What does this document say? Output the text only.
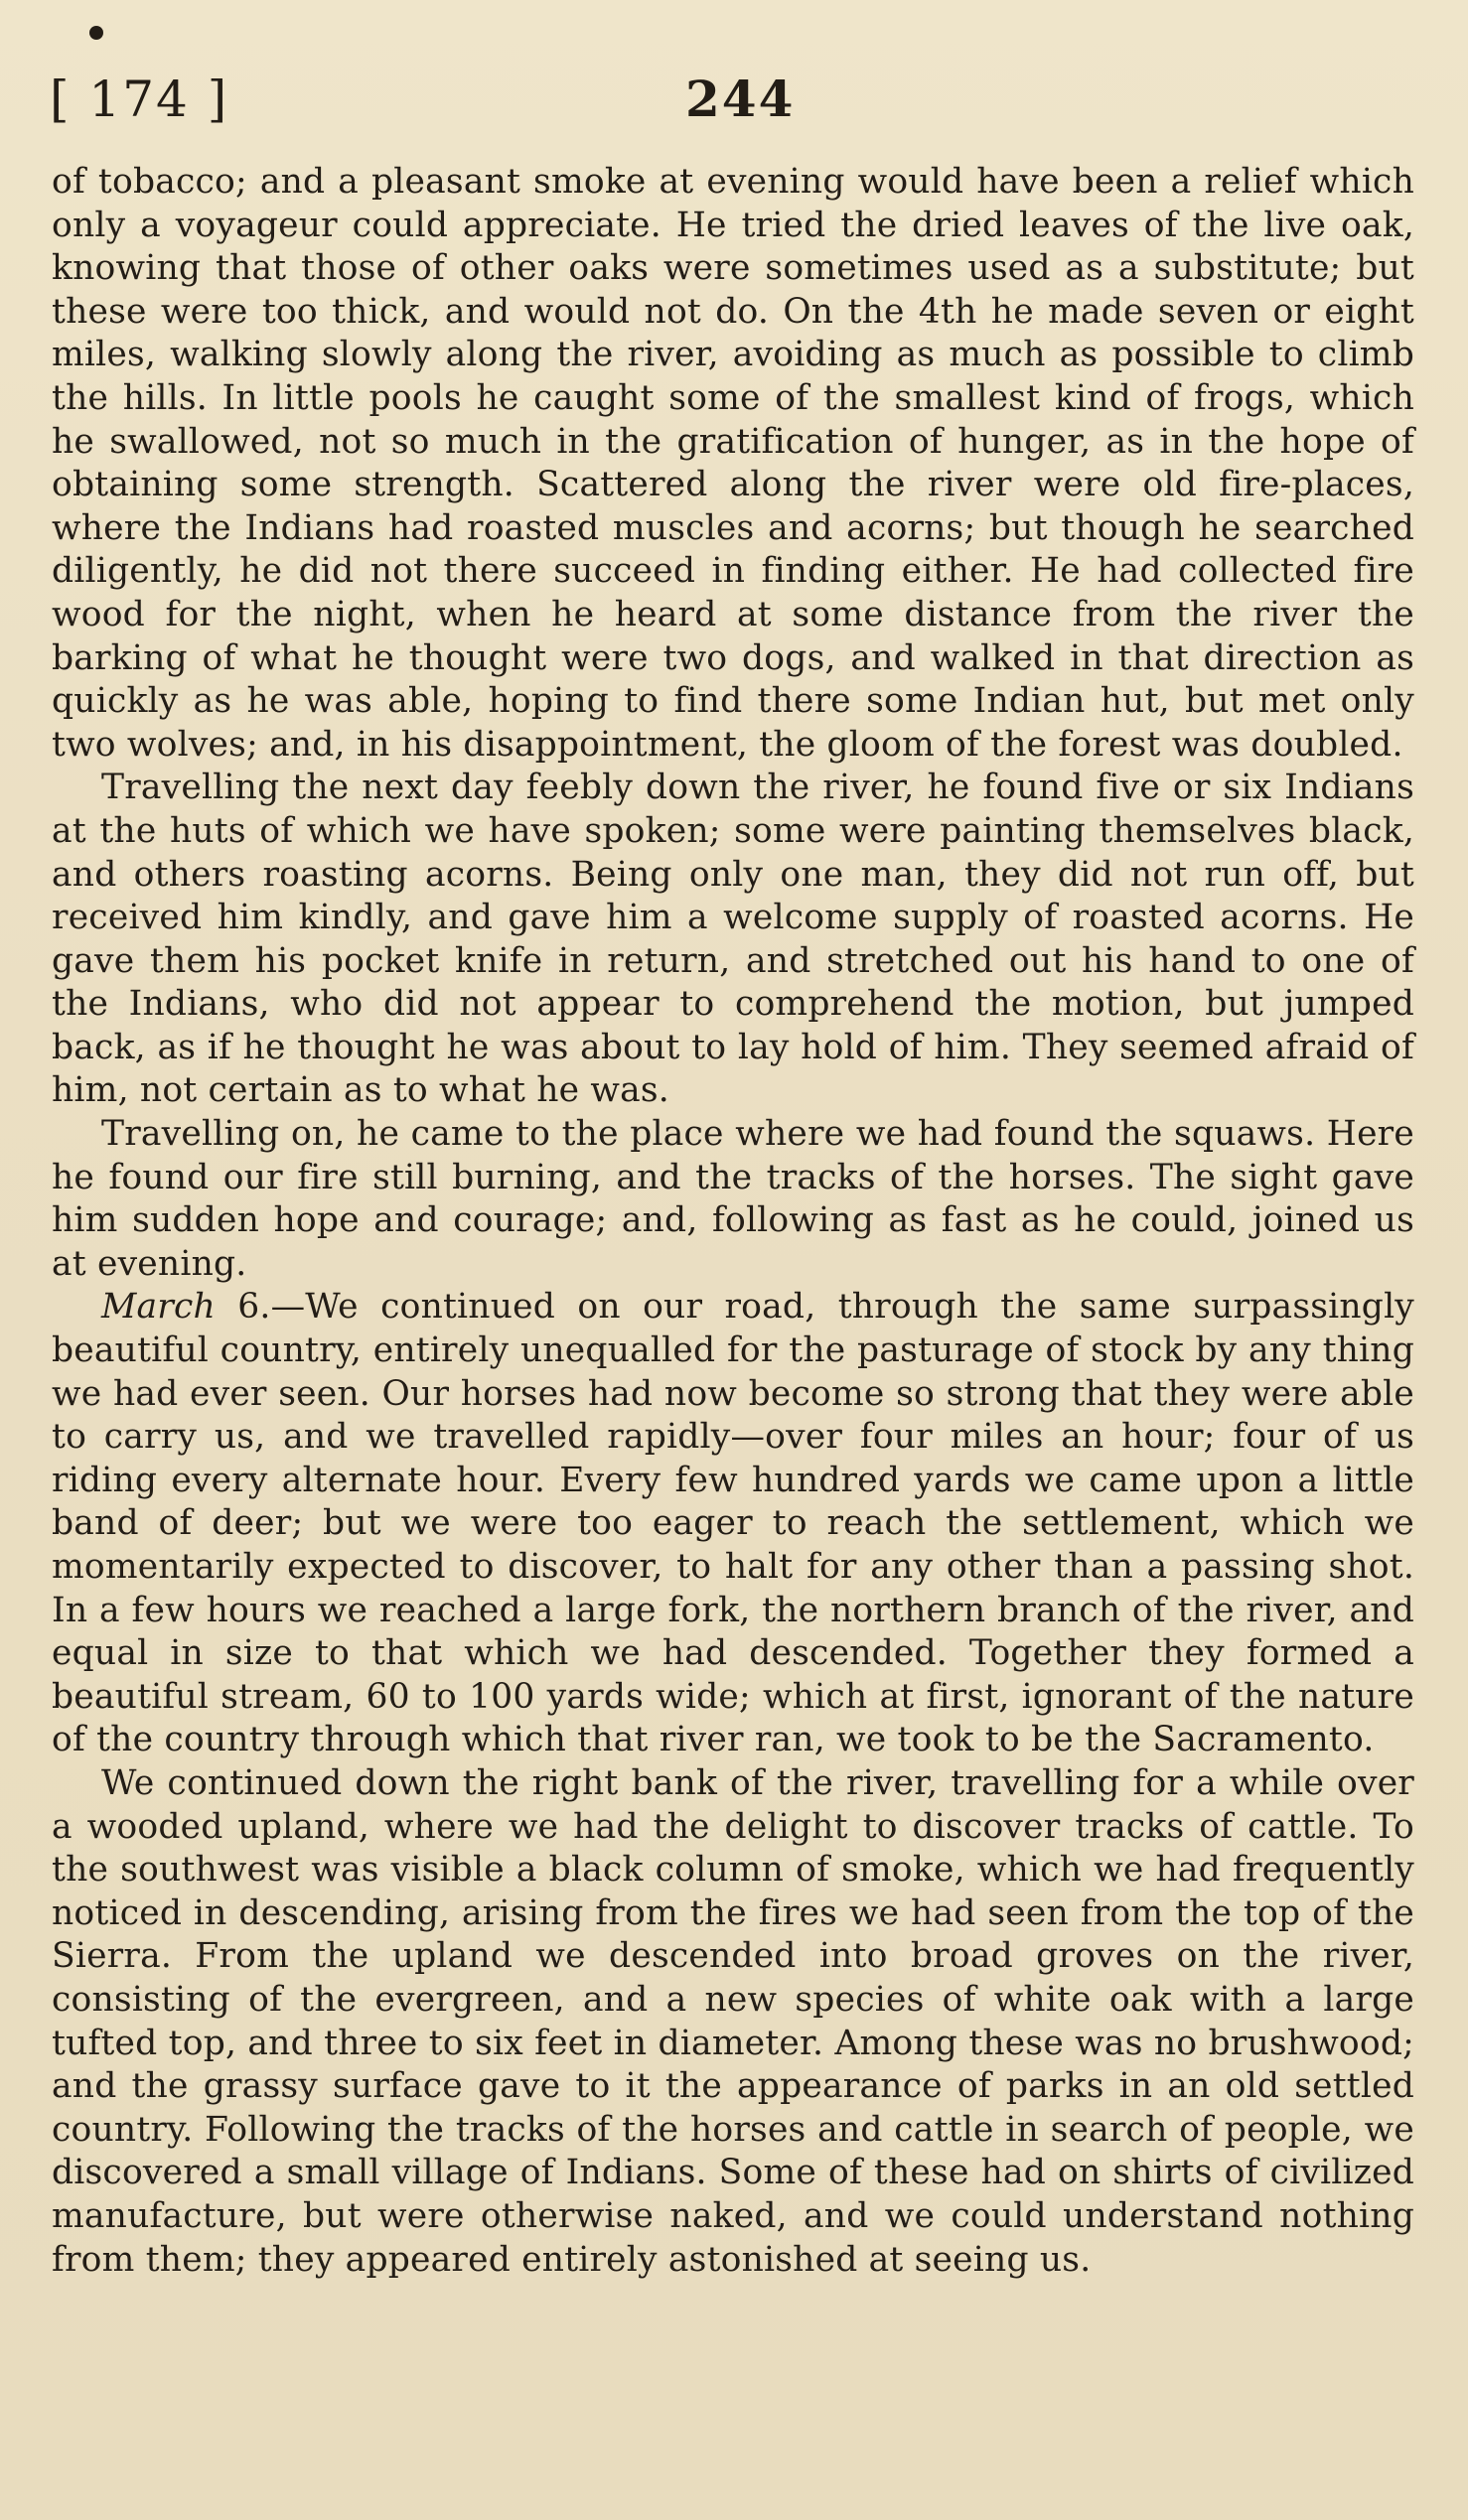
[ 174 ]	244

of tobacco; and a pleasant smoke at evening would have been a relief which only a voyageur could appreciate. He tried the dried leaves of the live oak, knowing that those of other oaks were sometimes used as a substitute; but these were too thick, and would not do. On the 4th he made seven or eight miles, walking slowly along the river, avoiding as much as possible to climb the hills. In little pools he caught some of the smallest kind of frogs, which he swallowed, not so much in the gratification of hunger, as in the hope of obtaining some strength. Scattered along the river were old fire-places, where the Indians had roasted muscles and acorns; but though he searched diligently, he did not there succeed in finding either. He had collected fire wood for the night, when he heard at some distance from the river the barking of what he thought were two dogs, and walked in that direction as quickly as he was able, hoping to find there some Indian hut, but met only two wolves; and, in his disappointment, the gloom of the forest was doubled.

Travelling the next day feebly down the river, he found five or six Indians at the huts of which we have spoken; some were painting themselves black, and others roasting acorns. Being only one man, they did not run off, but received him kindly, and gave him a welcome supply of roasted acorns. He gave them his pocket knife in return, and stretched out his hand to one of the Indians, who did not appear to comprehend the motion, but jumped back, as if he thought he was about to lay hold of him. They seemed afraid of him, not certain as to what he was.

Travelling on, he came to the place where we had found the squaws. Here he found our fire still burning, and the tracks of the horses. The sight gave him sudden hope and courage; and, following as fast as he could, joined us at evening.

March 6.—We continued on our road, through the same surpassingly beautiful country, entirely unequalled for the pasturage of stock by any thing we had ever seen. Our horses had now become so strong that they were able to carry us, and we travelled rapidly—over four miles an hour; four of us riding every alternate hour. Every few hundred yards we came upon a little band of deer; but we were too eager to reach the settlement, which we momentarily expected to discover, to halt for any other than a passing shot. In a few hours we reached a large fork, the northern branch of the river, and equal in size to that which we had descended. Together they formed a beautiful stream, 60 to 100 yards wide; which at first, ignorant of the nature of the country through which that river ran, we took to be the Sacramento.

We continued down the right bank of the river, travelling for a while over a wooded upland, where we had the delight to discover tracks of cattle. To the southwest was visible a black column of smoke, which we had frequently noticed in descending, arising from the fires we had seen from the top of the Sierra. From the upland we descended into broad groves on the river, consisting of the evergreen, and a new species of white oak with a large tufted top, and three to six feet in diameter. Among these was no brushwood; and the grassy surface gave to it the appearance of parks in an old settled country. Following the tracks of the horses and cattle in search of people, we discovered a small village of Indians. Some of these had on shirts of civilized manufacture, but were otherwise naked, and we could understand nothing from them; they appeared entirely astonished at seeing us.
